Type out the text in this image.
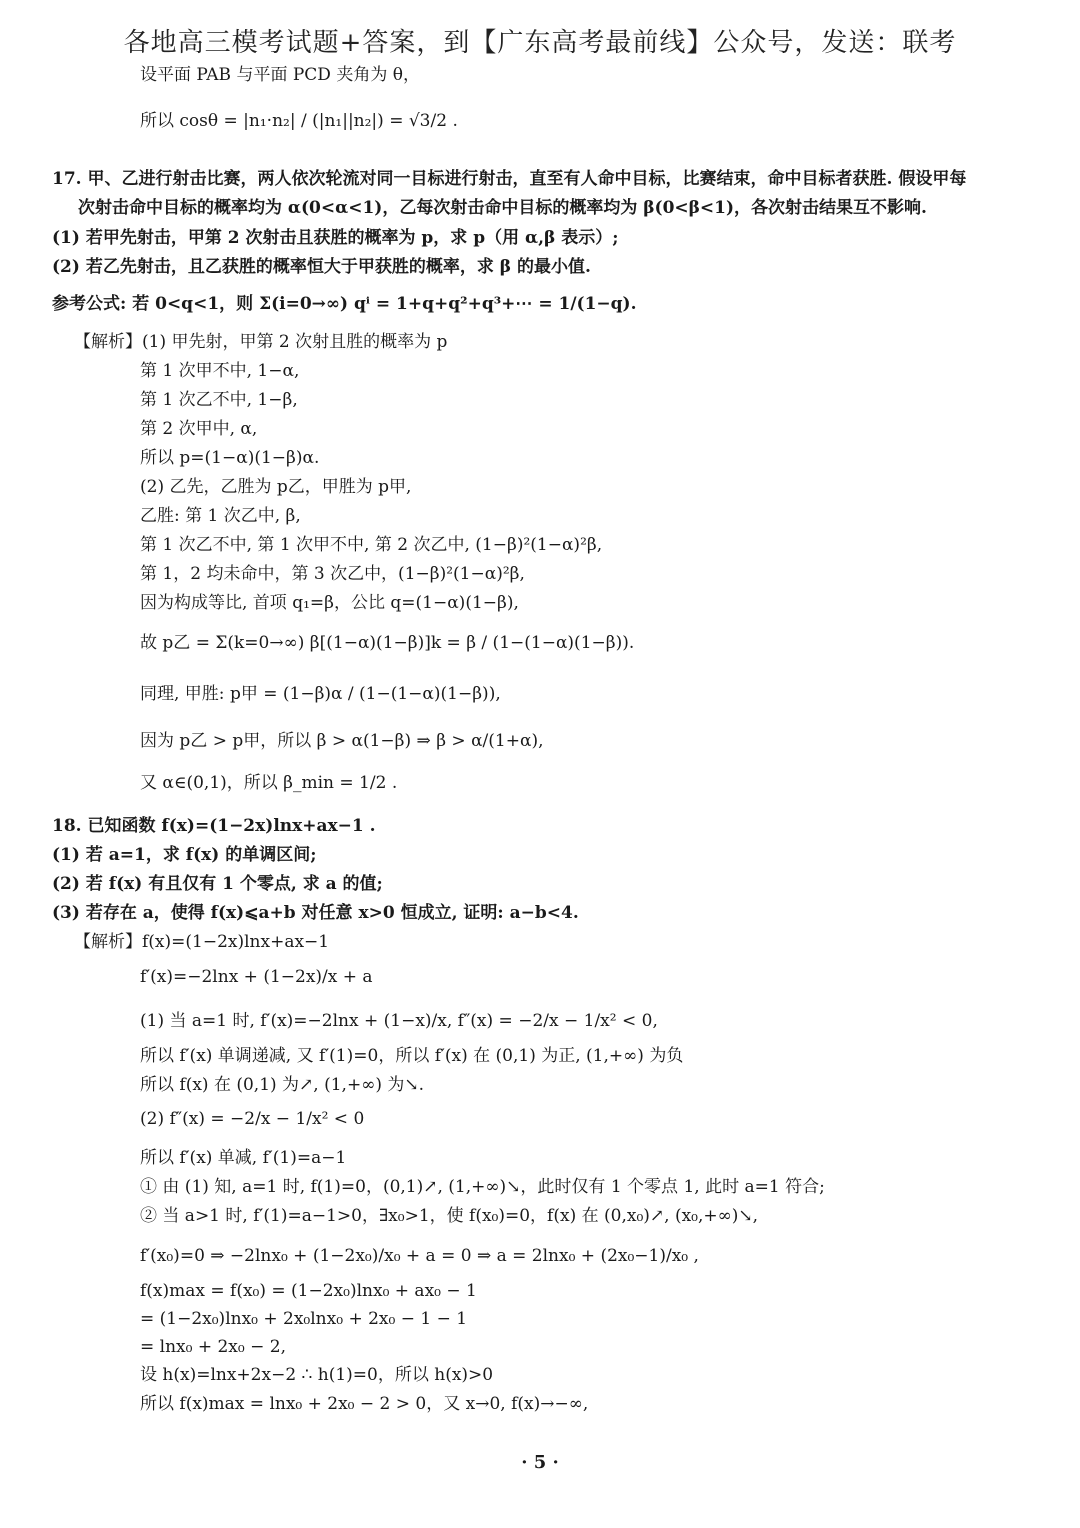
各地高三模考试题+答案，到【广东高考最前线】公众号，发送：联考
设平面 PAB 与平面 PCD 夹角为 θ，
所以 cosθ = |n₁·n₂| / (|n₁||n₂|) = √3/2 .
17. 甲、乙进行射击比赛，两人依次轮流对同一目标进行射击，直至有人命中目标，比赛结束，命中目标者获胜. 假设甲每
次射击命中目标的概率均为 α(0<α<1)，乙每次射击命中目标的概率均为 β(0<β<1)，各次射击结果互不影响.
(1) 若甲先射击，甲第 2 次射击且获胜的概率为 p，求 p（用 α,β 表示）;
(2) 若乙先射击，且乙获胜的概率恒大于甲获胜的概率，求 β 的最小值.
参考公式: 若 0<q<1，则 Σ(i=0→∞) qⁱ = 1+q+q²+q³+⋯ = 1/(1−q).
【解析】(1) 甲先射，甲第 2 次射且胜的概率为 p
第 1 次甲不中, 1−α,
第 1 次乙不中, 1−β,
第 2 次甲中, α,
所以 p=(1−α)(1−β)α.
(2) 乙先，乙胜为 p乙，甲胜为 p甲,
乙胜: 第 1 次乙中, β,
第 1 次乙不中, 第 1 次甲不中, 第 2 次乙中, (1−β)²(1−α)²β,
第 1，2 均未命中，第 3 次乙中，(1−β)²(1−α)²β,
因为构成等比, 首项 q₁=β，公比 q=(1−α)(1−β),
故 p乙 = Σ(k=0→∞) β[(1−α)(1−β)]k = β / (1−(1−α)(1−β)).
同理, 甲胜: p甲 = (1−β)α / (1−(1−α)(1−β)),
因为 p乙 > p甲，所以 β > α(1−β) ⇒ β > α/(1+α),
又 α∈(0,1)，所以 β_min = 1/2 .
18. 已知函数 f(x)=(1−2x)lnx+ax−1 .
(1) 若 a=1，求 f(x) 的单调区间;
(2) 若 f(x) 有且仅有 1 个零点, 求 a 的值;
(3) 若存在 a，使得 f(x)⩽a+b 对任意 x>0 恒成立, 证明: a−b<4.
【解析】f(x)=(1−2x)lnx+ax−1
f′(x)=−2lnx + (1−2x)/x + a
(1) 当 a=1 时, f′(x)=−2lnx + (1−x)/x, f″(x) = −2/x − 1/x² < 0,
所以 f′(x) 单调递减, 又 f′(1)=0，所以 f′(x) 在 (0,1) 为正, (1,+∞) 为负
所以 f(x) 在 (0,1) 为↗, (1,+∞) 为↘.
(2) f″(x) = −2/x − 1/x² < 0
所以 f′(x) 单减, f′(1)=a−1
① 由 (1) 知, a=1 时, f(1)=0，(0,1)↗, (1,+∞)↘，此时仅有 1 个零点 1, 此时 a=1 符合;
② 当 a>1 时, f′(1)=a−1>0，∃x₀>1，使 f(x₀)=0，f(x) 在 (0,x₀)↗, (x₀,+∞)↘,
f′(x₀)=0 ⇒ −2lnx₀ + (1−2x₀)/x₀ + a = 0 ⇒ a = 2lnx₀ + (2x₀−1)/x₀ ,
f(x)max = f(x₀) = (1−2x₀)lnx₀ + ax₀ − 1
= (1−2x₀)lnx₀ + 2x₀lnx₀ + 2x₀ − 1 − 1
= lnx₀ + 2x₀ − 2,
设 h(x)=lnx+2x−2 ∴ h(1)=0，所以 h(x)>0
所以 f(x)max = lnx₀ + 2x₀ − 2 > 0，又 x→0, f(x)→−∞,
· 5 ·
